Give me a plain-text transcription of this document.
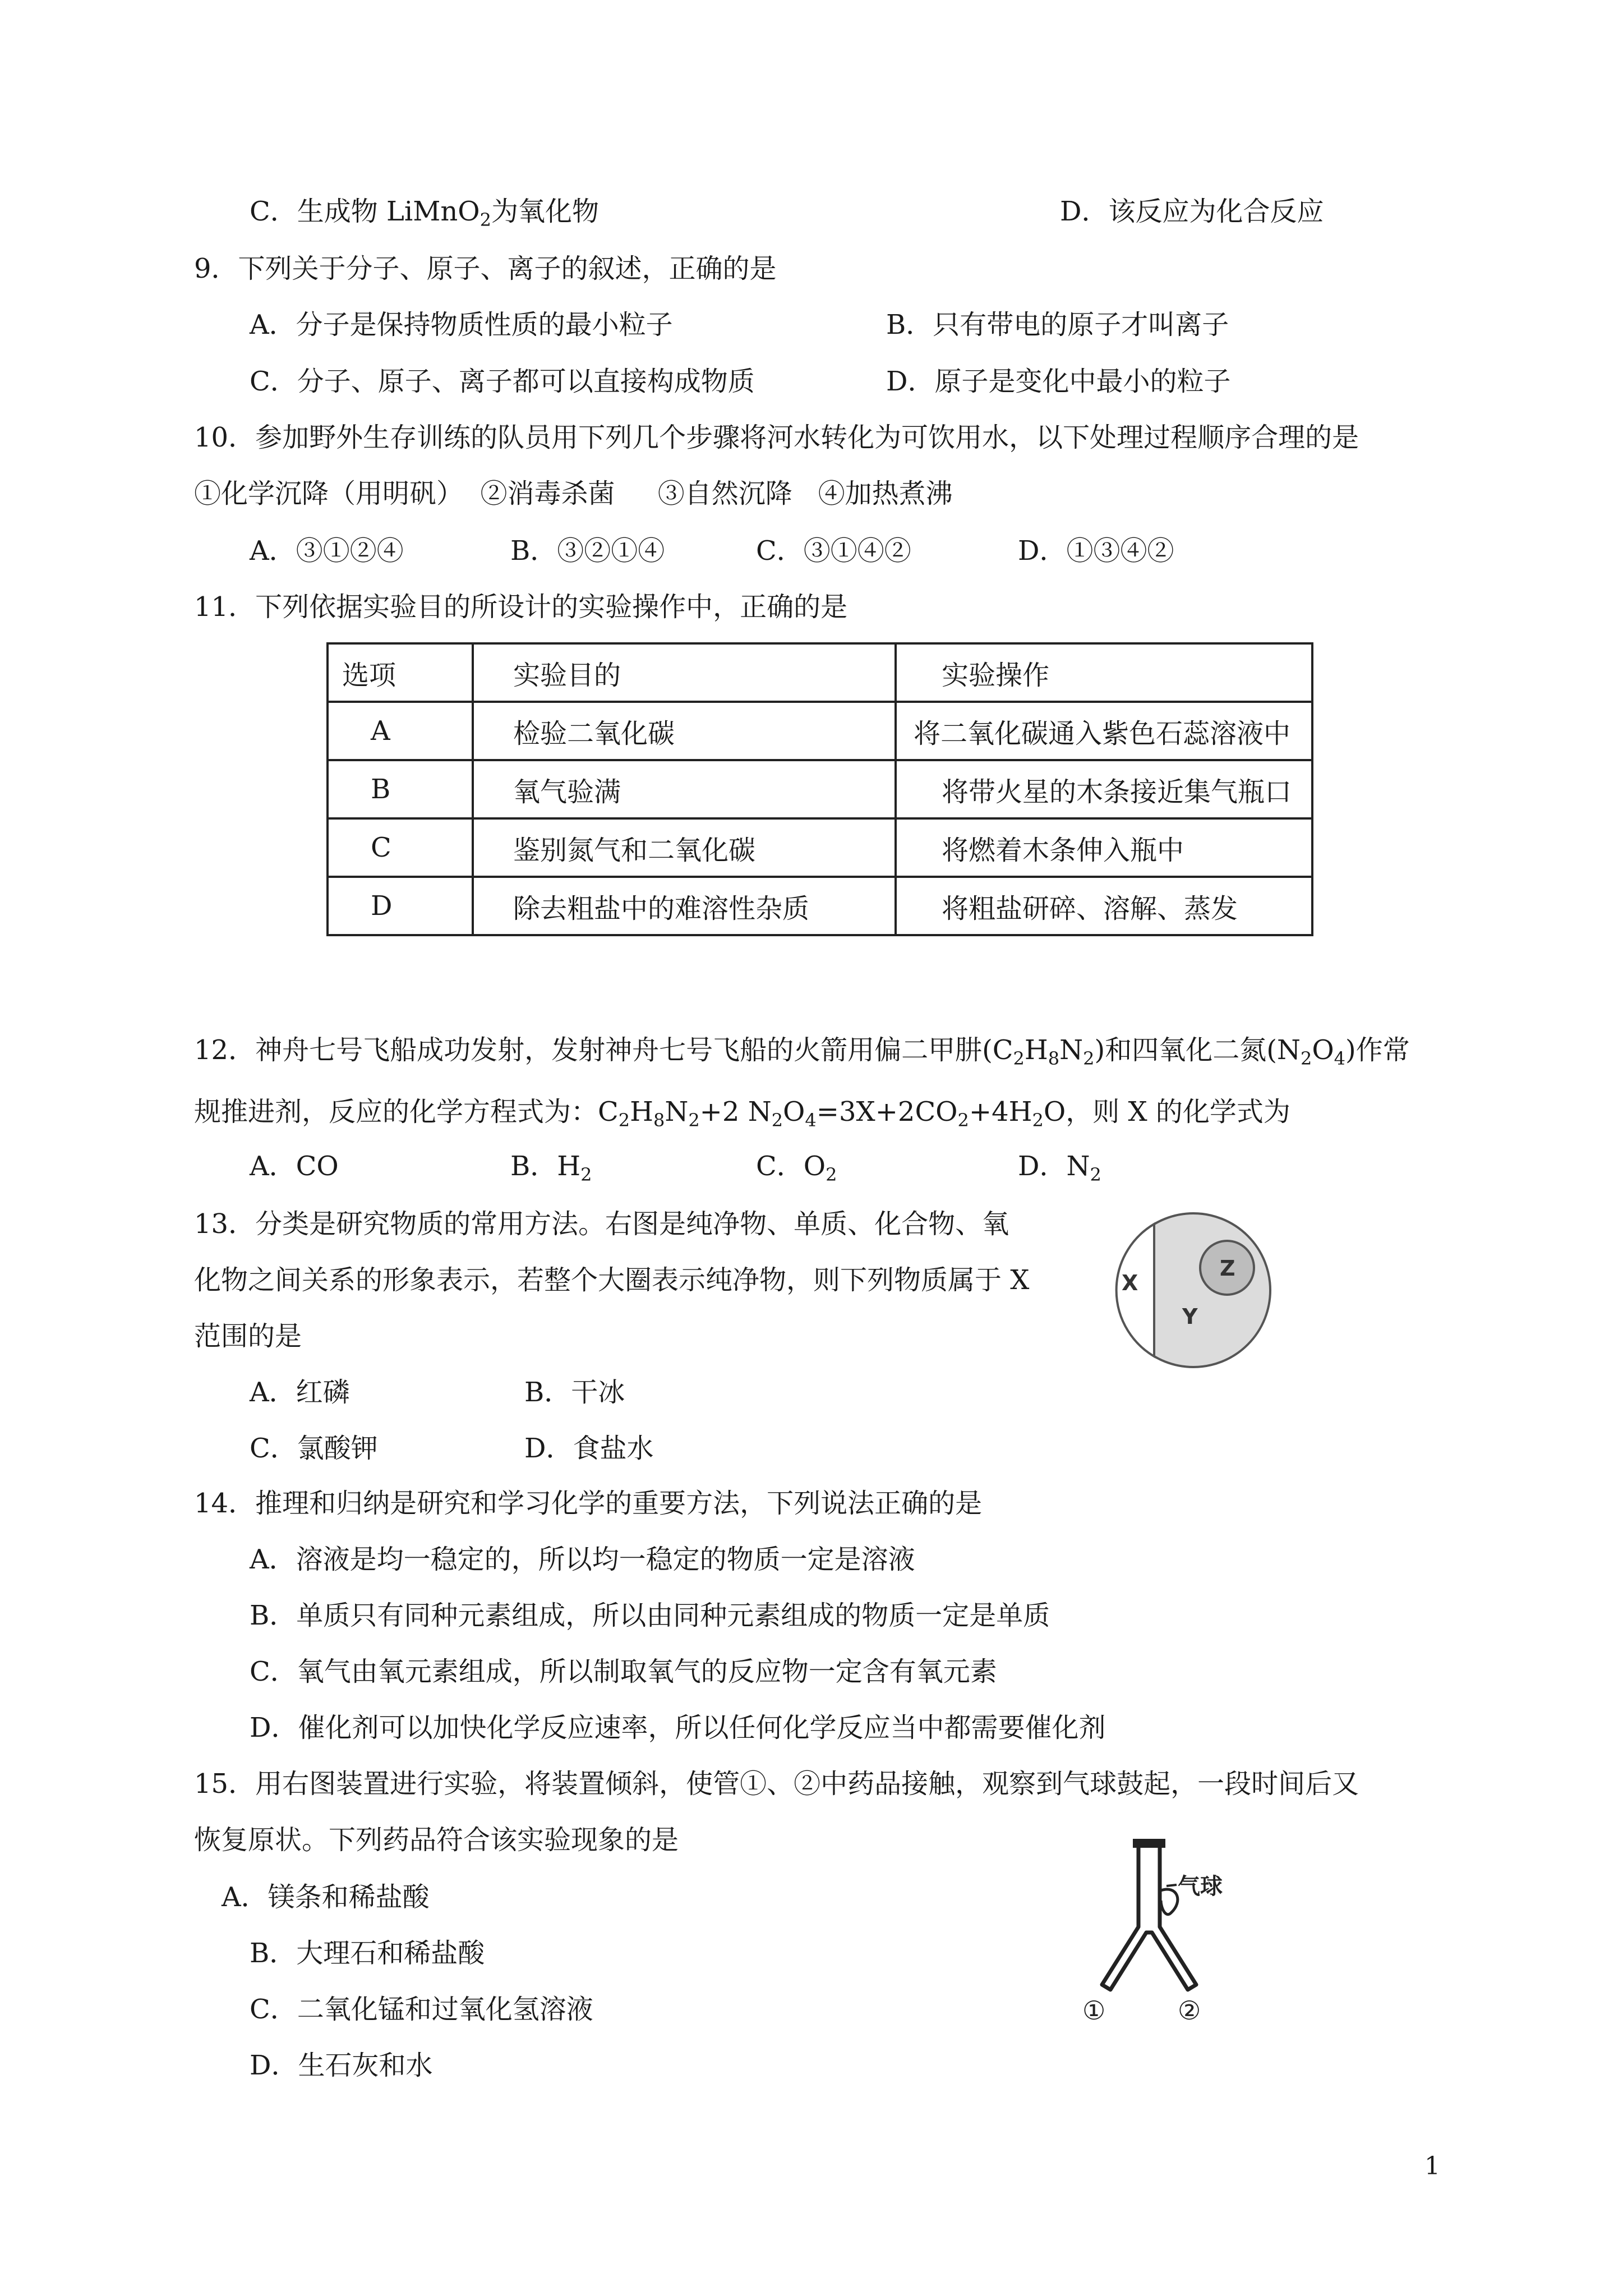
C．生成物 LiMnO$_2$为氧化物	D．该反应为化合反应
9．下列关于分子、原子、离子的叙述，正确的是
A．分子是保持物质性质的最小粒子	B．只有带电的原子才叫离子
C．分子、原子、离子都可以直接构成物质	D．原子是变化中最小的粒子
10．参加野外生存训练的队员用下列几个步骤将河水转化为可饮用水，以下处理过程顺序合理的是
①化学沉降（用明矾）  ②消毒杀菌     ③自然沉降   ④加热煮沸
A．③①②④	B．③②①④	C．③①④②	D．①③④②
11．下列依据实验目的所设计的实验操作中，正确的是
选项	实验目的	实验操作
A	检验二氧化碳	将二氧化碳通入紫色石蕊溶液中
B	氧气验满	将带火星的木条接近集气瓶口
C	鉴别氮气和二氧化碳	将燃着木条伸入瓶中
D	除去粗盐中的难溶性杂质	将粗盐研碎、溶解、蒸发
12．神舟七号飞船成功发射，发射神舟七号飞船的火箭用偏二甲肼$(C_2H_8N_2)$和四氧化二氮$(N_2O_4)$作常
规推进剂，反应的化学方程式为：$C_2H_8N_2+2$ $N_2O_4=3X+2CO_2+4H_2O$，则 X 的化学式为
A．CO	B．$H_2$	C．$O_2$	D．$N_2$
13．分类是研究物质的常用方法。右图是纯净物、单质、化合物、氧
化物之间关系的形象表示，若整个大圈表示纯净物，则下列物质属于 X
范围的是
A．红磷	B．干冰
C．氯酸钾	D．食盐水
X
Y
Z
14．推理和归纳是研究和学习化学的重要方法，下列说法正确的是
A．溶液是均一稳定的，所以均一稳定的物质一定是溶液
B．单质只有同种元素组成，所以由同种元素组成的物质一定是单质
C．氧气由氧元素组成，所以制取氧气的反应物一定含有氧元素
D．催化剂可以加快化学反应速率，所以任何化学反应当中都需要催化剂
15．用右图装置进行实验，将装置倾斜，使管①、②中药品接触，观察到气球鼓起，一段时间后又
恢复原状。下列药品符合该实验现象的是
A．镁条和稀盐酸
B．大理石和稀盐酸
C．二氧化锰和过氧化氢溶液
D．生石灰和水
气球
①	②
1
